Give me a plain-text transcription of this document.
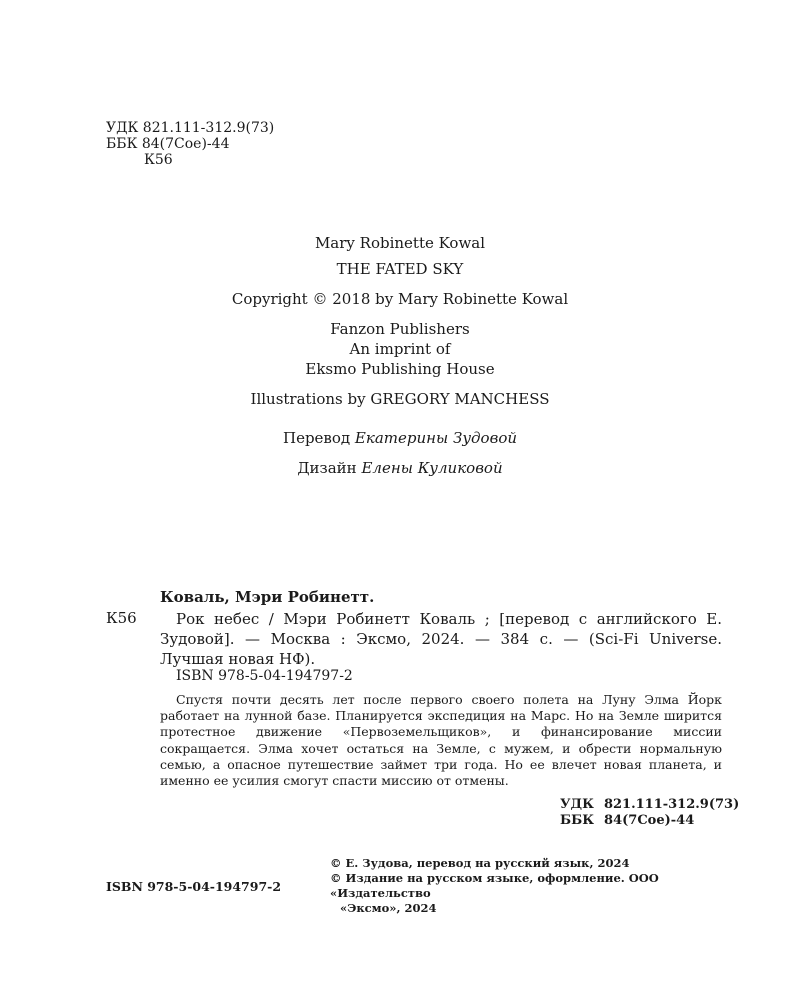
УДК 821.111-312.9(73)
ББК 84(7Сое)-44
К56
Mary Robinette Kowal
THE FATED SKY
Copyright © 2018 by Mary Robinette Kowal
Fanzon Publishers
An imprint of
Eksmo Publishing House
Illustrations by GREGORY MANCHESS
Перевод Екатерины Зудовой
Дизайн Елены Куликовой
Коваль, Мэри Робинетт.
К56	Рок небес / Мэри Робинетт Коваль ; [перевод с английского Е. Зудовой]. — Москва : Эксмо, 2024. — 384 с. — (Sci-Fi Universe. Лучшая новая НФ).

ISBN 978-5-04-194797-2

Спустя почти десять лет после первого своего полета на Луну Элма Йорк работает на лунной базе. Планируется экспедиция на Марс. Но на Земле ширится протестное движение «Первоземельщиков», и финансирование миссии сокращается. Элма хочет остаться на Земле, с мужем, и обрести нормальную семью, а опасное путешествие займет три года. Но ее влечет новая планета, и именно ее усилия смогут спасти миссию от отмены.

УДК 821.111-312.9(73)
ББК 84(7Сое)-44
© Е. Зудова, перевод на русский язык, 2024
© Издание на русском языке, оформление. ООО «Издательство
«Эксмо», 2024
ISBN 978-5-04-194797-2
